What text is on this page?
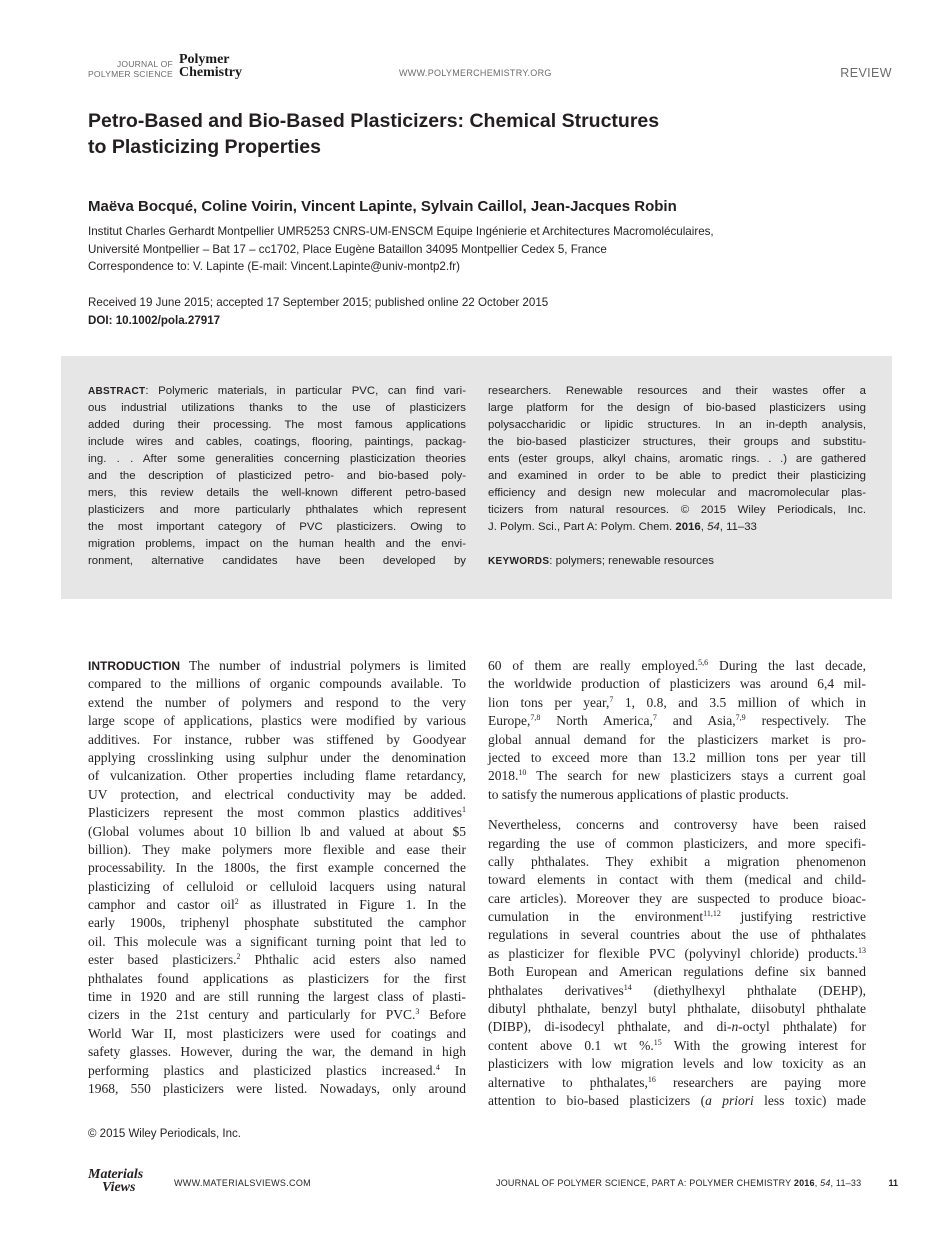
JOURNAL OF
POLYMER SCIENCE
Polymer
Chemistry	WWW.POLYMERCHEMISTRY.ORG	REVIEW
Petro-Based and Bio-Based Plasticizers: Chemical Structures
to Plasticizing Properties
Maëva Bocqué, Coline Voirin, Vincent Lapinte, Sylvain Caillol, Jean-Jacques Robin
Institut Charles Gerhardt Montpellier UMR5253 CNRS-UM-ENSCM Equipe Ingénierie et Architectures Macromoléculaires,
Université Montpellier – Bat 17 – cc1702, Place Eugène Bataillon 34095 Montpellier Cedex 5, France
Correspondence to: V. Lapinte (E-mail: Vincent.Lapinte@univ-montp2.fr)
Received 19 June 2015; accepted 17 September 2015; published online 22 October 2015
DOI: 10.1002/pola.27917
ABSTRACT: Polymeric materials, in particular PVC, can find vari-
ous industrial utilizations thanks to the use of plasticizers
added during their processing. The most famous applications
include wires and cables, coatings, flooring, paintings, packag-
ing. . . After some generalities concerning plasticization theories
and the description of plasticized petro- and bio-based poly-
mers, this review details the well-known different petro-based
plasticizers and more particularly phthalates which represent
the most important category of PVC plasticizers. Owing to
migration problems, impact on the human health and the envi-
ronment, alternative candidates have been developed by
researchers. Renewable resources and their wastes offer a
large platform for the design of bio-based plasticizers using
polysaccharidic or lipidic structures. In an in-depth analysis,
the bio-based plasticizer structures, their groups and substitu-
ents (ester groups, alkyl chains, aromatic rings. . .) are gathered
and examined in order to be able to predict their plasticizing
efficiency and design new molecular and macromolecular plas-
ticizers from natural resources. © 2015 Wiley Periodicals, Inc.
J. Polym. Sci., Part A: Polym. Chem. 2016, 54, 11–33
KEYWORDS: polymers; renewable resources
INTRODUCTION The number of industrial polymers is limited
compared to the millions of organic compounds available. To
extend the number of polymers and respond to the very
large scope of applications, plastics were modified by various
additives. For instance, rubber was stiffened by Goodyear
applying crosslinking using sulphur under the denomination
of vulcanization. Other properties including flame retardancy,
UV protection, and electrical conductivity may be added.
Plasticizers represent the most common plastics additives$^1$
(Global volumes about 10 billion lb and valued at about $5
billion). They make polymers more flexible and ease their
processability. In the 1800s, the first example concerned the
plasticizing of celluloid or celluloid lacquers using natural
camphor and castor oil$^2$ as illustrated in Figure 1. In the
early 1900s, triphenyl phosphate substituted the camphor
oil. This molecule was a significant turning point that led to
ester based plasticizers.$^2$ Phthalic acid esters also named
phthalates found applications as plasticizers for the first
time in 1920 and are still running the largest class of plasti-
cizers in the 21st century and particularly for PVC.$^3$ Before
World War II, most plasticizers were used for coatings and
safety glasses. However, during the war, the demand in high
performing plastics and plasticized plastics increased.$^4$ In
1968, 550 plasticizers were listed. Nowadays, only around
60 of them are really employed.$^{5,6}$ During the last decade,
the worldwide production of plasticizers was around 6,4 mil-
lion tons per year,$^7$ 1, 0.8, and 3.5 million of which in
Europe,$^{7,8}$ North America,$^7$ and Asia,$^{7,9}$ respectively. The
global annual demand for the plasticizers market is pro-
jected to exceed more than 13.2 million tons per year till
2018.10 The search for new plasticizers stays a current goal
to satisfy the numerous applications of plastic products.
Nevertheless, concerns and controversy have been raised
regarding the use of common plasticizers, and more specifi-
cally phthalates. They exhibit a migration phenomenon
toward elements in contact with them (medical and child-
care articles). Moreover they are suspected to produce bioac-
cumulation in the environment$^{11,12}$ justifying restrictive
regulations in several countries about the use of phthalates
as plasticizer for flexible PVC (polyvinyl chloride) products.$^{13}$
Both European and American regulations define six banned
phthalates derivatives$^{14}$ (diethylhexyl phthalate (DEHP),
dibutyl phthalate, benzyl butyl phthalate, diisobutyl phthalate
(DIBP), di-isodecyl phthalate, and di-n-octyl phthalate) for
content above 0.1 wt %.$^{15}$ With the growing interest for
plasticizers with low migration levels and low toxicity as an
alternative to phthalates,$^{16}$ researchers are paying more
attention to bio-based plasticizers (a priori less toxic) made
© 2015 Wiley Periodicals, Inc.
Materials
Views	WWW.MATERIALSVIEWS.COM	JOURNAL OF POLYMER SCIENCE, PART A: POLYMER CHEMISTRY 2016, 54, 11–33	11
